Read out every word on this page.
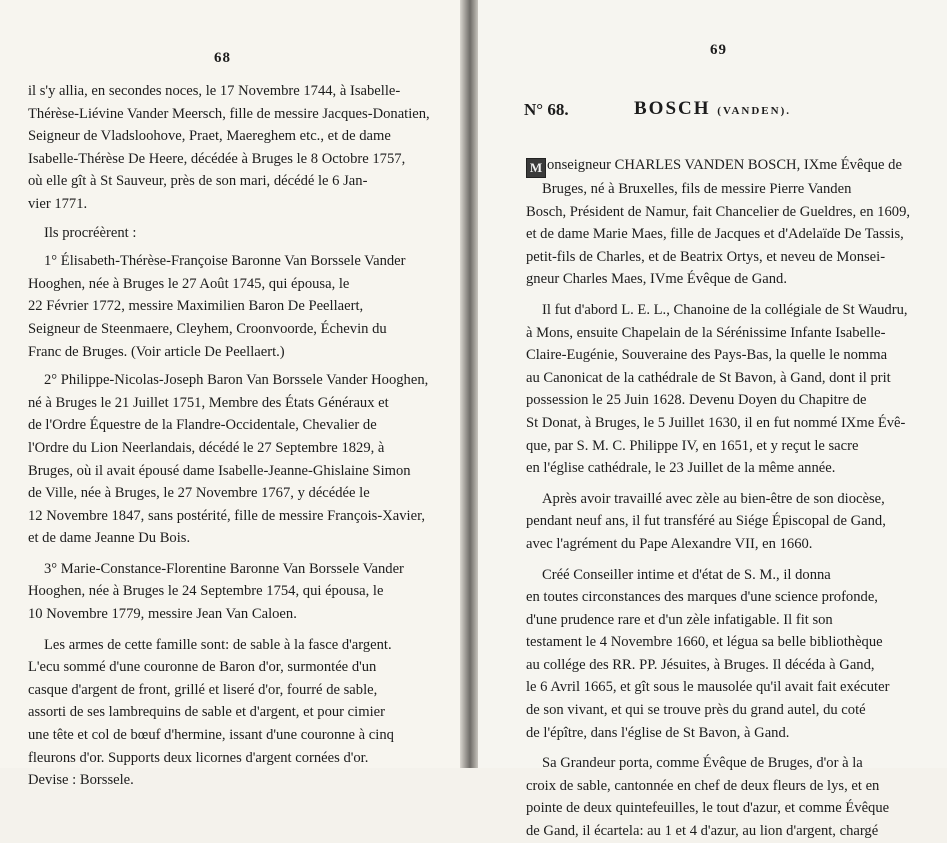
68
il s'y allia, en secondes noces, le 17 Novembre 1744, à Isabelle-
Thérèse-Liévine Vander Meersch, fille de messire Jacques-Donatien,
Seigneur de Vladsloohove, Praet, Maereghem etc., et de dame
Isabelle-Thérèse De Heere, décédée à Bruges le 8 Octobre 1757,
où elle gît à St Sauveur, près de son mari, décédé le 6 Jan-
vier 1771.
Ils procréèrent :
1° Élisabeth-Thérèse-Françoise Baronne Van Borssele Vander
Hooghen, née à Bruges le 27 Août 1745, qui épousa, le
22 Février 1772, messire Maximilien Baron De Peellaert,
Seigneur de Steenmaere, Cleyhem, Croonvoorde, Échevin du
Franc de Bruges. (Voir article De Peellaert.)
2° Philippe-Nicolas-Joseph Baron Van Borssele Vander Hooghen,
né à Bruges le 21 Juillet 1751, Membre des États Généraux et
de l'Ordre Équestre de la Flandre-Occidentale, Chevalier de
l'Ordre du Lion Neerlandais, décédé le 27 Septembre 1829, à
Bruges, où il avait épousé dame Isabelle-Jeanne-Ghislaine Simon
de Ville, née à Bruges, le 27 Novembre 1767, y décédée le
12 Novembre 1847, sans postérité, fille de messire François-Xavier,
et de dame Jeanne Du Bois.
3° Marie-Constance-Florentine Baronne Van Borssele Vander
Hooghen, née à Bruges le 24 Septembre 1754, qui épousa, le
10 Novembre 1779, messire Jean Van Caloen.
Les armes de cette famille sont: de sable à la fasce d'argent.
L'ecu sommé d'une couronne de Baron d'or, surmontée d'un
casque d'argent de front, grillé et liseré d'or, fourré de sable,
assorti de ses lambrequins de sable et d'argent, et pour cimier
une tête et col de bœuf d'hermine, issant d'une couronne à cinq
fleurons d'or. Supports deux licornes d'argent cornées d'or.
Devise : Borssele.
69
N° 68.	BOSCH (VANDEN).
M onseigneur CHARLES VANDEN BOSCH, IXme Évêque de
Bruges, né à Bruxelles, fils de messire Pierre Vanden
Bosch, Président de Namur, fait Chancelier de Gueldres, en 1609,
et de dame Marie Maes, fille de Jacques et d'Adelaïde De Tassis,
petit-fils de Charles, et de Beatrix Ortys, et neveu de Monsei-
gneur Charles Maes, IVme Évêque de Gand.
Il fut d'abord L. E. L., Chanoine de la collégiale de St Waudru,
à Mons, ensuite Chapelain de la Sérénissime Infante Isabelle-
Claire-Eugénie, Souveraine des Pays-Bas, la quelle le nomma
au Canonicat de la cathédrale de St Bavon, à Gand, dont il prit
possession le 25 Juin 1628. Devenu Doyen du Chapitre de
St Donat, à Bruges, le 5 Juillet 1630, il en fut nommé IXme Évê-
que, par S. M. C. Philippe IV, en 1651, et y reçut le sacre
en l'église cathédrale, le 23 Juillet de la même année.
Après avoir travaillé avec zèle au bien-être de son diocèse,
pendant neuf ans, il fut transféré au Siége Épiscopal de Gand,
avec l'agrément du Pape Alexandre VII, en 1660.
Créé Conseiller intime et d'état de S. M., il donna
en toutes circonstances des marques d'une science profonde,
d'une prudence rare et d'un zèle infatigable. Il fit son
testament le 4 Novembre 1660, et légua sa belle bibliothèque
au collége des RR. PP. Jésuites, à Bruges. Il décéda à Gand,
le 6 Avril 1665, et gît sous le mausolée qu'il avait fait exécuter
de son vivant, et qui se trouve près du grand autel, du coté
de l'épître, dans l'église de St Bavon, à Gand.
Sa Grandeur porta, comme Évêque de Bruges, d'or à la
croix de sable, cantonnée en chef de deux fleurs de lys, et en
pointe de deux quintefeuilles, le tout d'azur, et comme Évêque
de Gand, il écartela: au 1 et 4 d'azur, au lion d'argent, chargé
